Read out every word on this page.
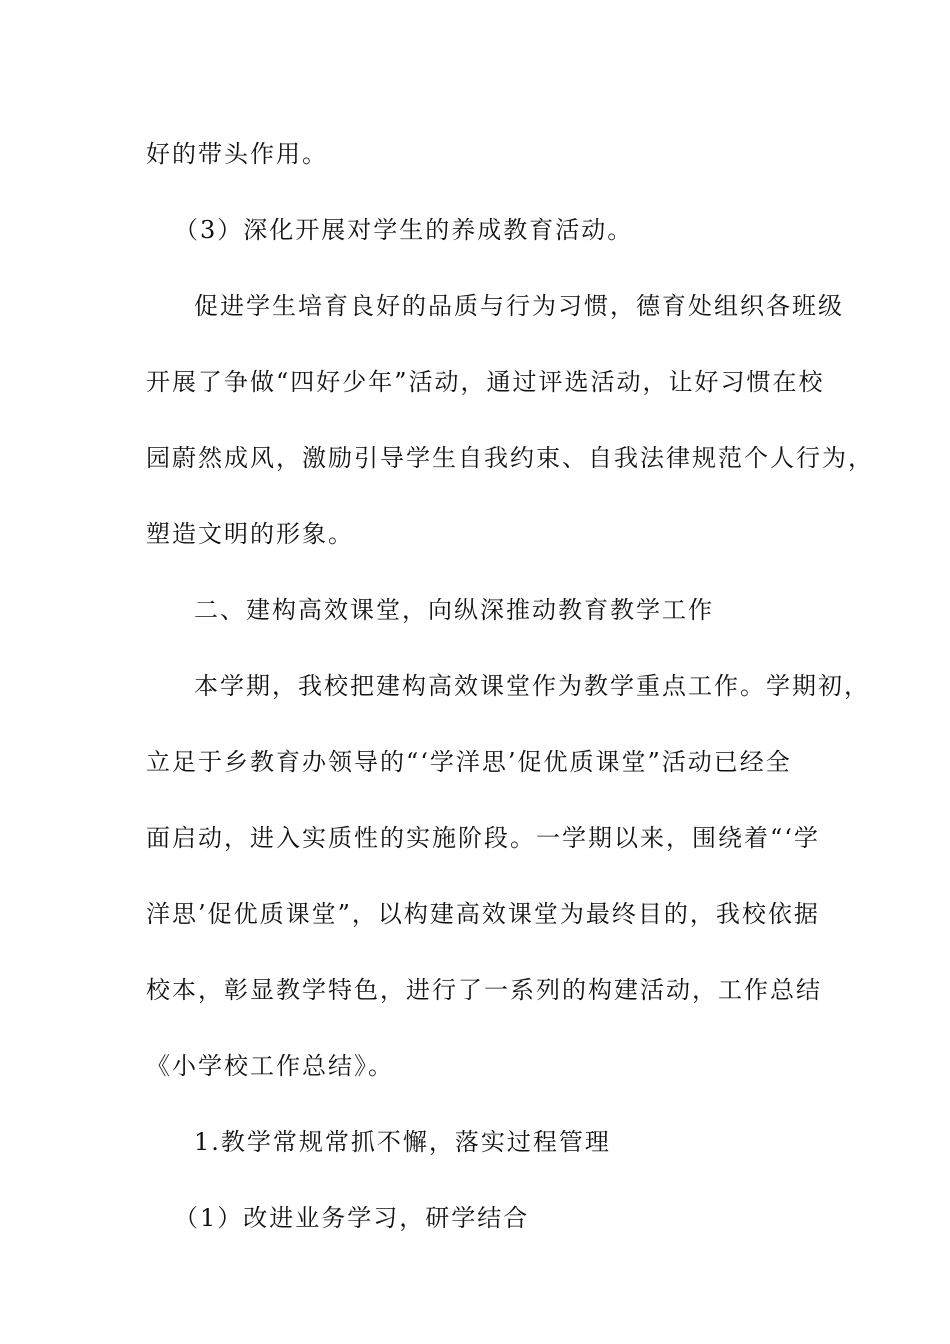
好的带头作用。
（3）深化开展对学生的养成教育活动。
促进学生培育良好的品质与行为习惯，德育处组织各班级
开展了争做“四好少年”活动，通过评选活动，让好习惯在校
园蔚然成风，激励引导学生自我约束、自我法律规范个人行为，
塑造文明的形象。
二、建构高效课堂，向纵深推动教育教学工作
本学期，我校把建构高效课堂作为教学重点工作。学期初，
立足于乡教育办领导的“‘学洋思’促优质课堂”活动已经全
面启动，进入实质性的实施阶段。一学期以来，围绕着“‘学
洋思’促优质课堂”，以构建高效课堂为最终目的，我校依据
校本，彰显教学特色，进行了一系列的构建活动，工作总结
《小学校工作总结》。
1.教学常规常抓不懈，落实过程管理
（1）改进业务学习，研学结合
